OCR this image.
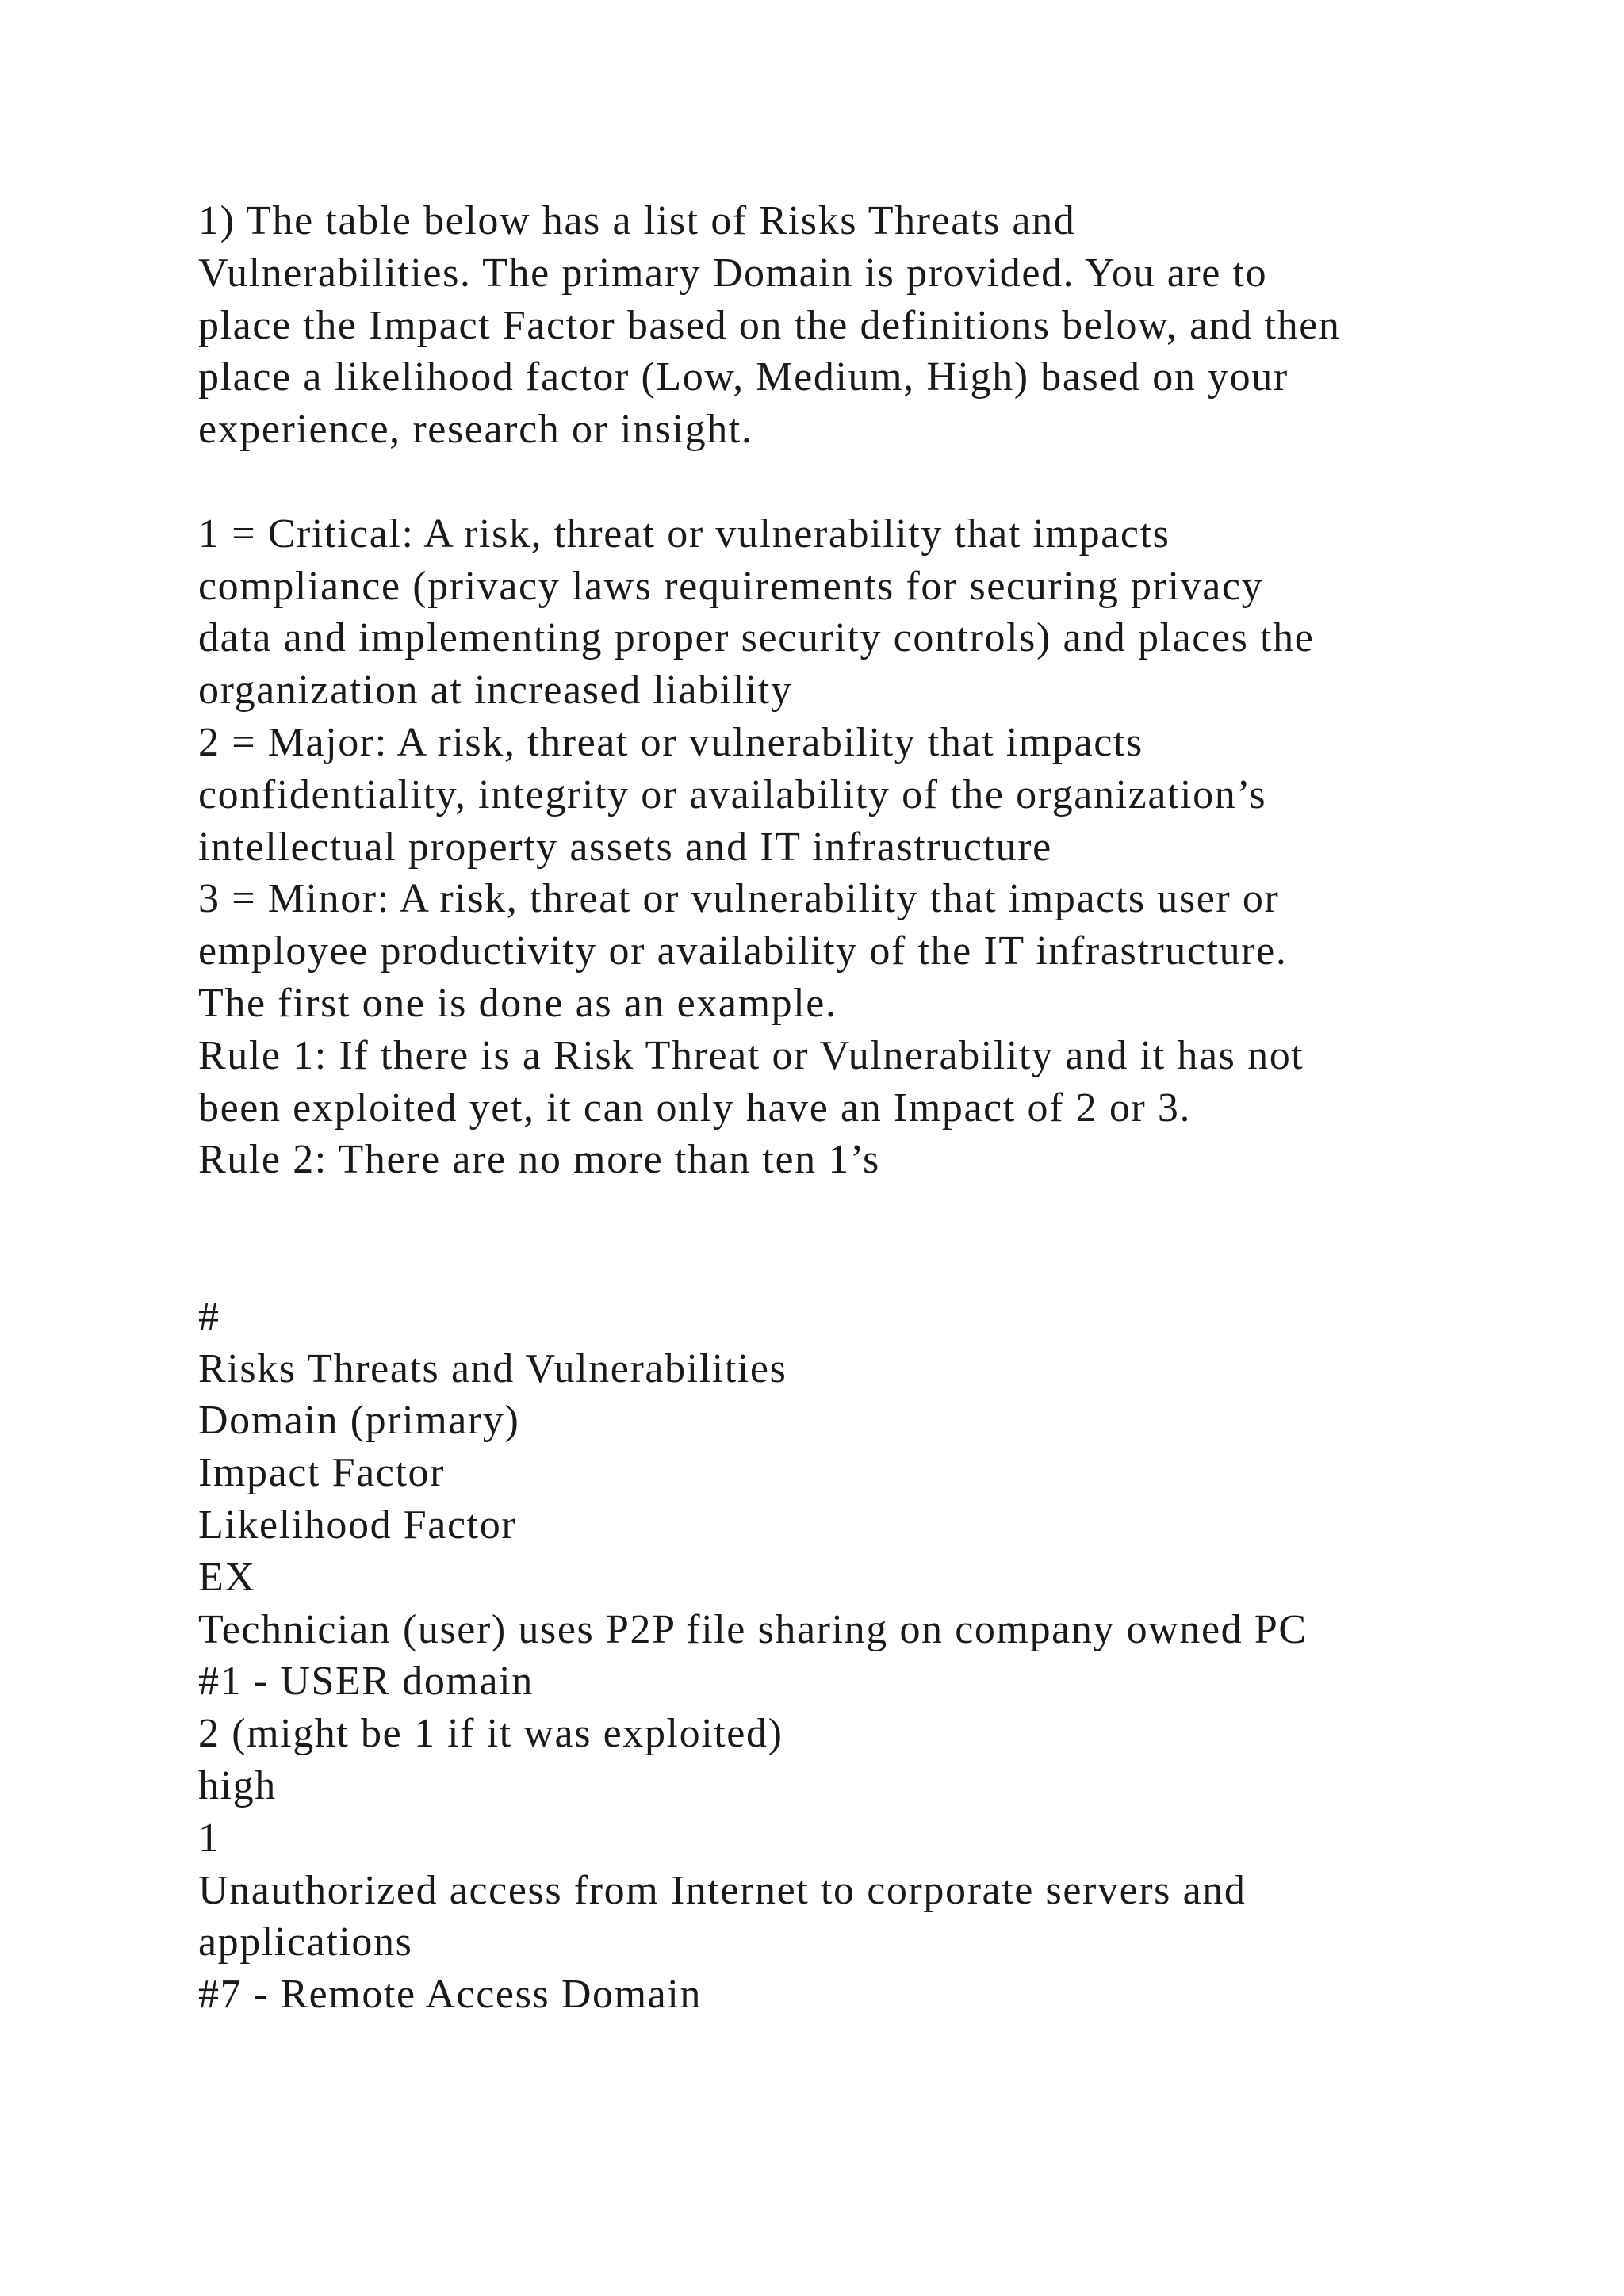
1) The table below has a list of Risks Threats and
Vulnerabilities. The primary Domain is provided. You are to
place the Impact Factor based on the definitions below, and then
place a likelihood factor (Low, Medium, High) based on your
experience, research or insight.
1 = Critical: A risk, threat or vulnerability that impacts
compliance (privacy laws requirements for securing privacy
data and implementing proper security controls) and places the
organization at increased liability
2 = Major: A risk, threat or vulnerability that impacts
confidentiality, integrity or availability of the organization’s
intellectual property assets and IT infrastructure
3 = Minor: A risk, threat or vulnerability that impacts user or
employee productivity or availability of the IT infrastructure.
The first one is done as an example.
Rule 1: If there is a Risk Threat or Vulnerability and it has not
been exploited yet, it can only have an Impact of 2 or 3.
Rule 2: There are no more than ten 1’s
#
Risks Threats and Vulnerabilities
Domain (primary)
Impact Factor
Likelihood Factor
EX
Technician (user) uses P2P file sharing on company owned PC
#1 - USER domain
2 (might be 1 if it was exploited)
high
1
Unauthorized access from Internet to corporate servers and
applications
#7 - Remote Access Domain
